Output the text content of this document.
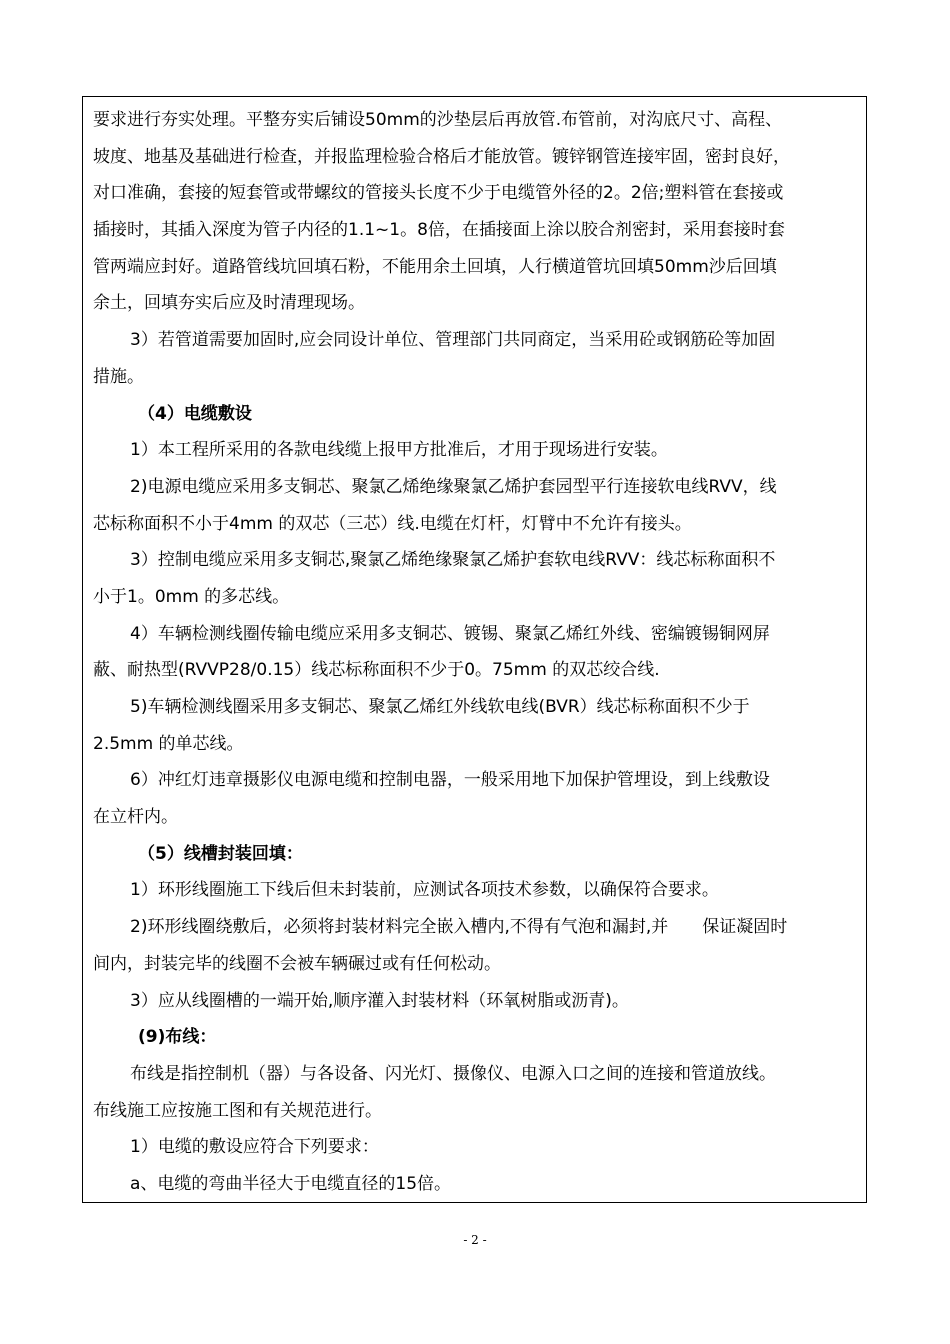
要求进行夯实处理。平整夯实后铺设50mm的沙垫层后再放管.布管前，对沟底尺寸、高程、
坡度、地基及基础进行检查，并报监理检验合格后才能放管。镀锌钢管连接牢固，密封良好，
对口准确，套接的短套管或带螺纹的管接头长度不少于电缆管外径的2。2倍;塑料管在套接或
插接时，其插入深度为管子内径的1.1~1。8倍，在插接面上涂以胶合剂密封，采用套接时套
管两端应封好。道路管线坑回填石粉，不能用余土回填，人行横道管坑回填50mm沙后回填
余土，回填夯实后应及时清理现场。
3）若管道需要加固时,应会同设计单位、管理部门共同商定，当采用砼或钢筋砼等加固
措施。
（4）电缆敷设
1）本工程所采用的各款电线缆上报甲方批准后，才用于现场进行安装。
2)电源电缆应采用多支铜芯、聚氯乙烯绝缘聚氯乙烯护套园型平行连接软电线RVV，线
芯标称面积不小于4mm 的双芯（三芯）线.电缆在灯杆，灯臂中不允许有接头。
3）控制电缆应采用多支铜芯,聚氯乙烯绝缘聚氯乙烯护套软电线RVV：线芯标称面积不
小于1。0mm 的多芯线。
4）车辆检测线圈传输电缆应采用多支铜芯、镀锡、聚氯乙烯红外线、密编镀锡铜网屏
蔽、耐热型(RVVP28/0.15）线芯标称面积不少于0。75mm 的双芯绞合线.
5)车辆检测线圈采用多支铜芯、聚氯乙烯红外线软电线(BVR）线芯标称面积不少于
2.5mm 的单芯线。
6）冲红灯违章摄影仪电源电缆和控制电器，一般采用地下加保护管埋设，到上线敷设
在立杆内。
（5）线槽封装回填：
1）环形线圈施工下线后但未封装前，应测试各项技术参数，以确保符合要求。
2)环形线圈绕敷后，必须将封装材料完全嵌入槽内,不得有气泡和漏封,并 保证凝固时
间内，封装完毕的线圈不会被车辆碾过或有任何松动。
3）应从线圈槽的一端开始,顺序灌入封装材料（环氧树脂或沥青)。
(9)布线：
布线是指控制机（器）与各设备、闪光灯、摄像仪、电源入口之间的连接和管道放线。
布线施工应按施工图和有关规范进行。
1）电缆的敷设应符合下列要求：
a、电缆的弯曲半径大于电缆直径的15倍。
- 2 -
